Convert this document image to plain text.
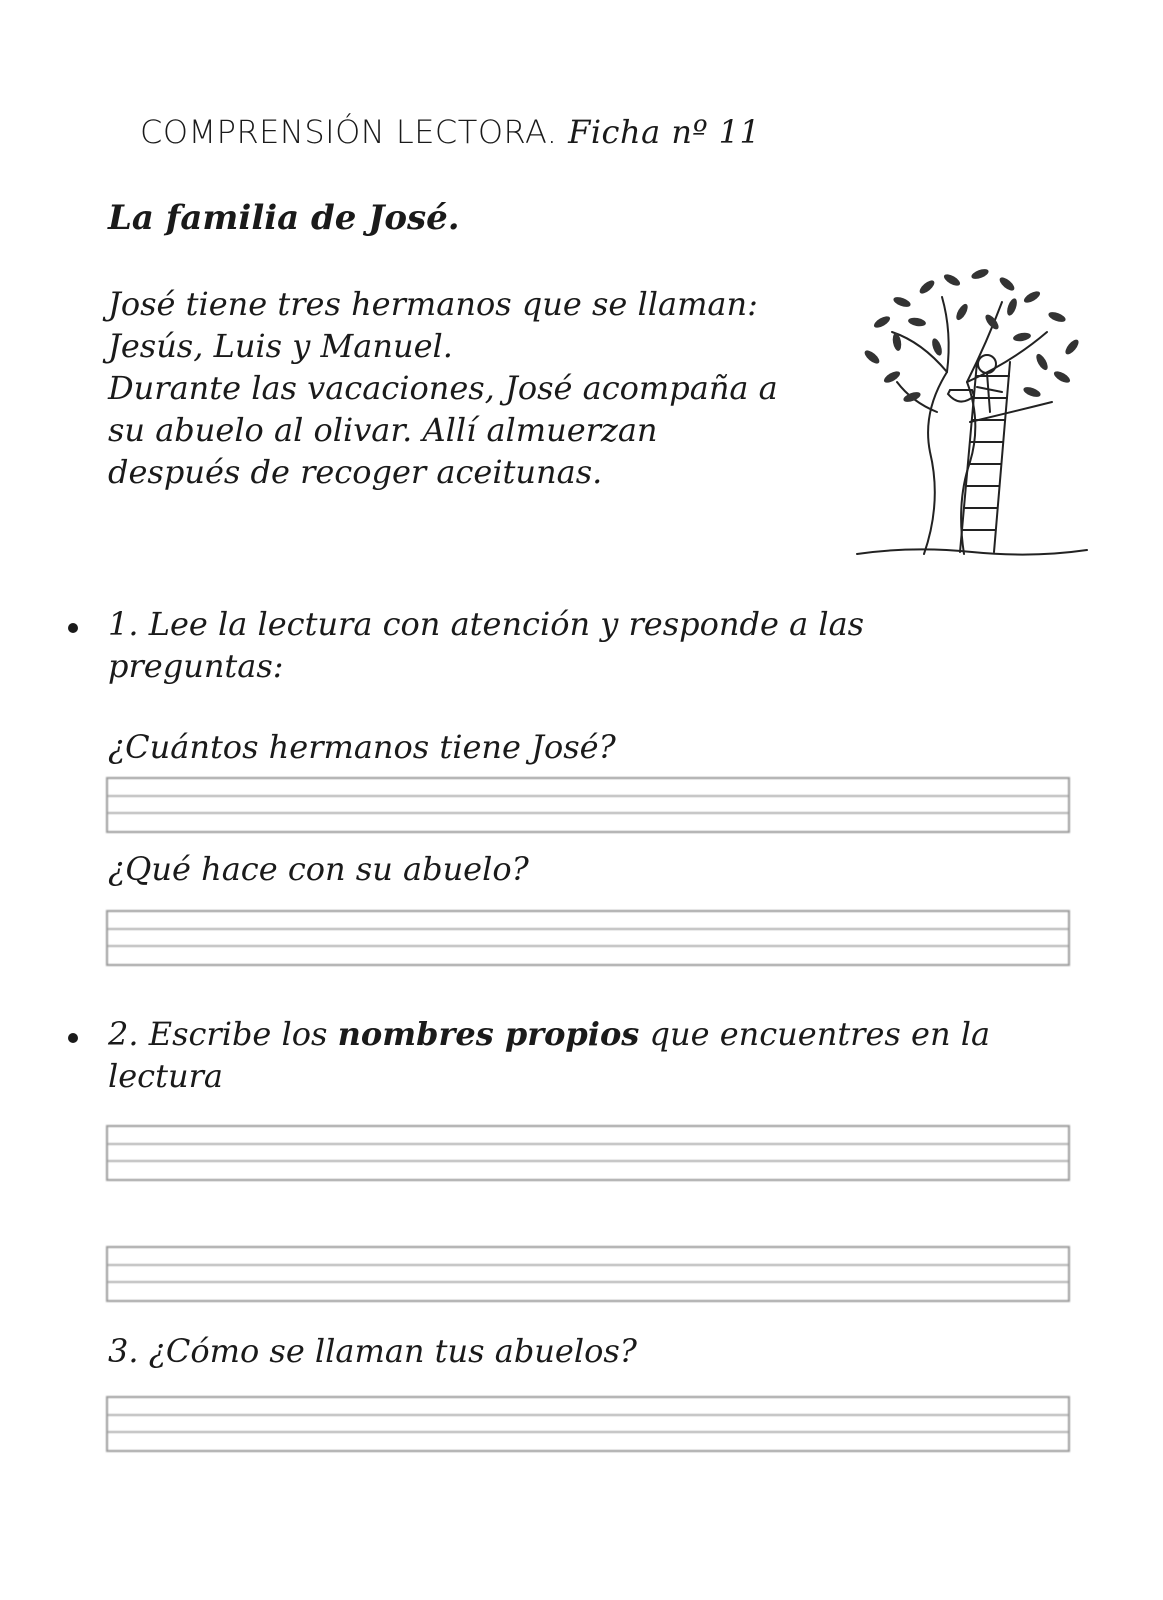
COMPRENSIÓN LECTORA. Ficha nº 11
La familia de José.

José tiene tres hermanos que se llaman:

Jesús, Luis y Manuel.

Durante las vacaciones, José acompaña a

su abuelo al olivar. Allí almuerzan

después de recoger aceitunas.

1. Lee la lectura con atención y responde a las
preguntas:
¿Cuántos hermanos tiene José?
¿Qué hace con su abuelo?
2. Escribe los nombres propios que encuentres en la
lectura
3. ¿Cómo se llaman tus abuelos?
